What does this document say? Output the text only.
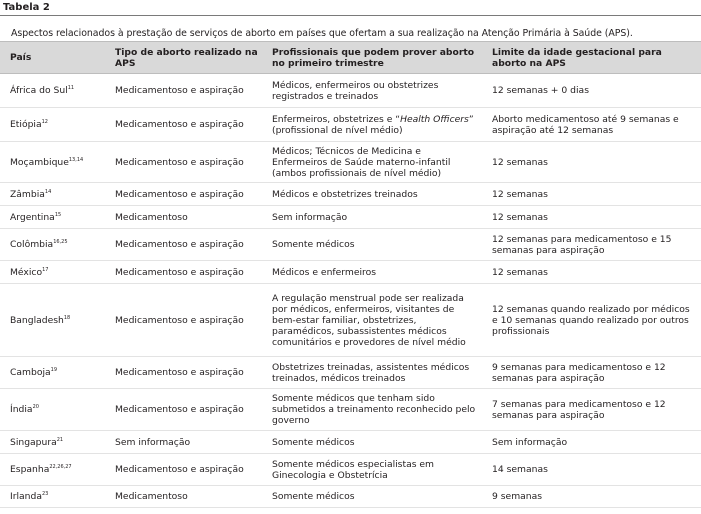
Tabela 2
Aspectos relacionados à prestação de serviços de aborto em países que ofertam a sua realização na Atenção Primária à Saúde (APS).
País	Tipo de aborto realizado na APS	Profissionais que podem prover aborto no primeiro trimestre	Limite da idade gestacional para aborto na APS
África do Sul$^{11}$	Medicamentoso e aspiração	Médicos, enfermeiros ou obstetrizes registrados e treinados	12 semanas + 0 dias
Etiópia$^{12}$	Medicamentoso e aspiração	Enfermeiros, obstetrizes e “Health Officers” (profissional de nível médio)	Aborto medicamentoso até 9 semanas e aspiração até 12 semanas
Moçambique$^{13,14}$	Medicamentoso e aspiração	Médicos; Técnicos de Medicina e Enfermeiros de Saúde materno-infantil (ambos profissionais de nível médio)	12 semanas
Zâmbia$^{14}$	Medicamentoso e aspiração	Médicos e obstetrizes treinados	12 semanas
Argentina$^{15}$	Medicamentoso	Sem informação	12 semanas
Colômbia$^{16,25}$	Medicamentoso e aspiração	Somente médicos	12 semanas para medicamentoso e 15 semanas para aspiração
México$^{17}$	Medicamentoso e aspiração	Médicos e enfermeiros	12 semanas
Bangladesh$^{18}$	Medicamentoso e aspiração	A regulação menstrual pode ser realizada por médicos, enfermeiros, visitantes de bem-estar familiar, obstetrizes, paramédicos, subassistentes médicos comunitários e provedores de nível médio	12 semanas quando realizado por médicos e 10 semanas quando realizado por outros profissionais
Camboja$^{19}$	Medicamentoso e aspiração	Obstetrizes treinadas, assistentes médicos treinados, médicos treinados	9 semanas para medicamentoso e 12 semanas para aspiração
Índia$^{20}$	Medicamentoso e aspiração	Somente médicos que tenham sido submetidos a treinamento reconhecido pelo governo	7 semanas para medicamentoso e 12 semanas para aspiração
Singapura$^{21}$	Sem informação	Somente médicos	Sem informação
Espanha$^{22,26,27}$	Medicamentoso e aspiração	Somente médicos especialistas em Ginecologia e Obstetrícia	14 semanas
Irlanda$^{23}$	Medicamentoso	Somente médicos	9 semanas
